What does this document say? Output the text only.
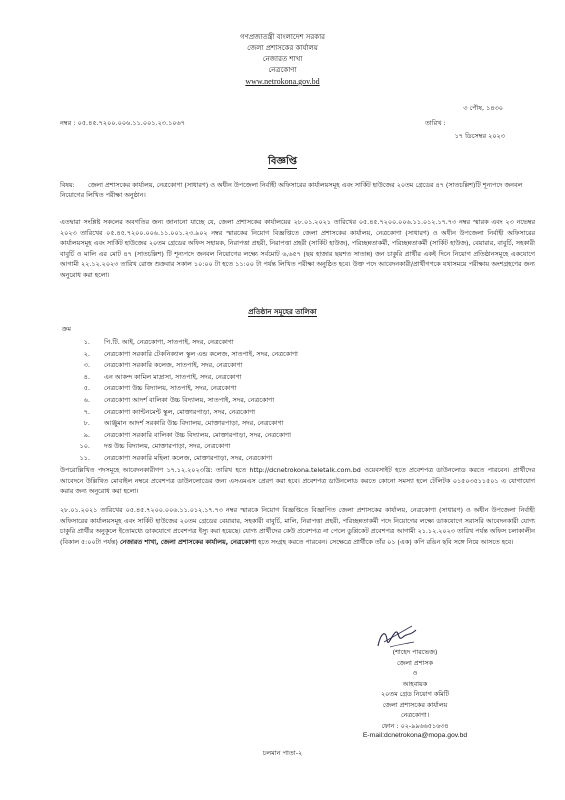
গণপ্রজাতন্ত্রী বাংলাদেশ সরকার
জেলা প্রশাসকের কার্যালয়
নেজারত শাখা
নেত্রকোণা
www.netrokona.gov.bd
৩ পৌষ, ১৪৩০
নম্বর : ০৫.৪৫.৭২০০.০০৬.১১.০০১.২৩.১০৬৭	তারিখ :
১৭ ডিসেম্বর ২০২৩
বিজ্ঞপ্তি
বিষয়: জেলা প্রশাসকের কার্যালয়, নেত্রকোণা (সাধারণ) ও অধীন উপজেলা নির্বাহী অফিসারের কার্যালয়সমূহ এবং সার্কিট হাউজের ২০তম গ্রেডের ৪৭ (সাতচল্লিশ)টি শূন্যপদে জনবল নিয়োগের লিখিত পরীক্ষা অনুষ্ঠান।
এতদ্বারা সংশ্লিষ্ট সকলের অবগতির জন্য জানানো যাচ্ছে যে, জেলা প্রশাসকের কার্যালয়ের ২৮.০১.২০২১ তারিখের ০৫.৪৫.৭২০০.০০৬.১১.০১২.১৭.৭৩ নম্বর স্মারক এবং ২৩ নভেম্বর ২০২৩ তারিখের ০৫.৪৫.৭২০০.০০৬.১১.০০১.২৩.৯০২ নম্বর স্মারকের নিয়োগ বিজ্ঞপ্তিতে জেলা প্রশাসকের কার্যালয়, নেত্রকোণা (সাধারণ) ও অধীন উপজেলা নির্বাহী অফিসারের কার্যালয়সমূহ এবং সার্কিট হাউজের ২০তম গ্রেডের অফিস সহায়ক, নিরাপত্তা প্রহরী, নিরাপত্তা প্রহরী (সার্কিট হাউজ), পরিচ্ছন্নতাকর্মী, পরিচ্ছন্নতাকর্মী (সার্কিট হাউজ), বেয়ারার, বাবুর্চি, সহকারী বাবুর্চি ও মালি এর মোট ৪৭ (সাতচল্লিশ) টি শূন্যপদে জনবল নিয়োগের লক্ষ্যে সর্বমোট ৬,৬৫৭ (ছয় হাজার ছয়শত সাতান্ন) জন চাকুরি প্রার্থীর একই দিনে নিয়োগ প্রতিষ্ঠানসমূহে একযোগে আগামী ২২.১২.২০২৩ তারিখ রোজ শুক্রবার সকাল ১০:০০ টা হতে ১১:০০ টা পর্যন্ত লিখিত পরীক্ষা অনুষ্ঠিত হবে। উক্ত পদে আবেদনকারী/প্রার্থীগণকে যথাসময়ে পরীক্ষায় অংশগ্রহণের জন্য অনুরোধ করা হলো।
প্রতিষ্ঠান সমূহের তালিকা
ক্রম
১. পি.টি. আই, নেত্রকোণা, সাতপাই, সদর, নেত্রকোণা
২. নেত্রকোণা সরকারি টেকনিক্যাল স্কুল এন্ড কলেজ, সাতপাই, সদর, নেত্রকোণা
৩. নেত্রকোণা সরকারি কলেজ, সাতপাই, সদর, নেত্রকোণা
৪. এন আকন্দ কামিল মাদ্রাসা, সাতপাই, সদর, নেত্রকোণা
৫. নেত্রকোণা উচ্চ বিদ্যালয়, সাতপাই, সদর, নেত্রকোণা
৬. নেত্রকোণা আদর্শ বালিকা উচ্চ বিদ্যালয়, সাতপাই, সদর, নেত্রকোণা
৭. নেত্রকোণা ক্যান্টনমেন্ট স্কুল, মোক্তারপাড়া, সদর, নেত্রকোণা
৮. আঞ্জুমান আদর্শ সরকারি উচ্চ বিদ্যালয়, মোক্তারপাড়া, সদর, নেত্রকোণা
৯. নেত্রকোণা সরকারি বালিকা উচ্চ বিদ্যালয়, মোক্তারপাড়া, সদর, নেত্রকোণা
১০. দত্ত উচ্চ বিদ্যালয়, মোক্তারপাড়া, সদর, নেত্রকোণা
১১. নেত্রকোণা সরকারি মহিলা কলেজ, মোক্তারপাড়া, সদর, নেত্রকোণা
উপরোল্লিখিত পদসমূহে আবেদনকারীগণ ১৭.১২.২০২৩খ্রি: তারিখ হতে http://dcnetrokona.teletalk.com.bd ওয়েবসাইট হতে প্রবেশপত্র ডাউনলোড করতে পারবেন। প্রার্থীদের আবেদনে উল্লিখিত মোবাইল নম্বরে প্রবেশপত্র ডাউনলোডের জন্য এসএমএস প্রেরণ করা হবে। প্রবেশপত্র ডাউনলোড করতে কোনো সমস্যা হলে টেলিটক ০১৫০৩৫১১৫০১ এ যোগাযোগ করার জন্য অনুরোধ করা হলো।
২৮.০১.২০২১ তারিখের ০৫.৪৫.৭২০০.০০৬.১১.০১২.১৭.৭৩ নম্বর স্মারকে নিয়োগ বিজ্ঞপ্তিতে বিজ্ঞাপিত জেলা প্রশাসকের কার্যালয়, নেত্রকোণা (সাধারণ) ও অধীন উপজেলা নির্বাহী অফিসারের কার্যালয়সমূহ এবং সার্কিট হাউজের ২০তম গ্রেডের বেয়ারার, সহকারী বাবুর্চি, মালি, নিরাপত্তা প্রহরী, পরিচ্ছন্নতাকর্মী পদে নিয়োগের লক্ষ্যে ডাকযোগে সরাসরি আবেদনকারী যোগ্য চাকুরি প্রার্থীর অনুকূলে ইতোমধ্যে ডাকযোগে প্রবেশপত্র ইস্যু করা হয়েছে। যোগ্য প্রার্থীদের কেউ প্রবেশপত্র না পেলে ডুপ্লিকেট প্রবেশপত্র আগামী ২১.১২.২০২৩ তারিখ পর্যন্ত অফিস চলাকালীন (বিকাল ৫:০০টা পর্যন্ত) নেজারত শাখা, জেলা প্রশাসকের কার্যালয়, নেত্রকোণা হতে সংগ্রহ করতে পারবেন। সেক্ষেত্রে প্রার্থীকে তাঁর ০১ (এক) কপি রঙিন ছবি সঙ্গে নিয়ে আসতে হবে।
(শাহেদ পারভেজ)
জেলা প্রশাসক
ও
আহবায়ক
২০তম গ্রেড নিয়োগ কমিটি
জেলা প্রশাসকের কার্যালয়
নেত্রকোণা।
ফোন : ০২-৯৯৬৬৫১৬৩৪
E-mail:dcnetrokona@mopa.gov.bd
চলমান পাতা-২
